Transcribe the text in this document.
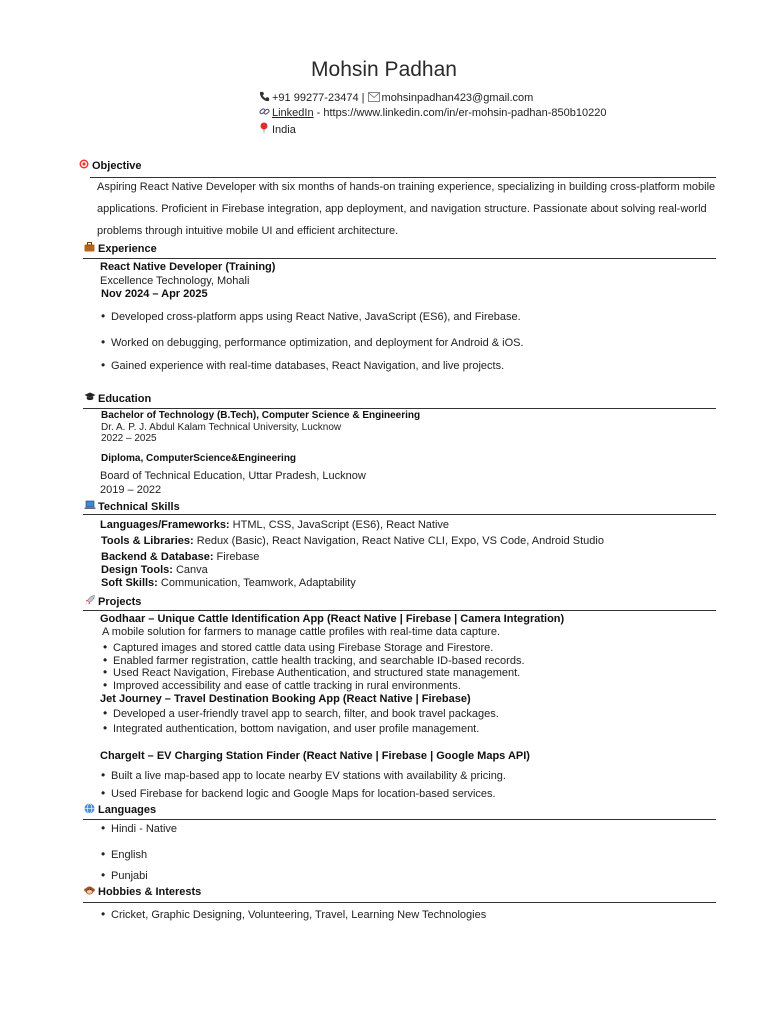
Mohsin Padhan
+91 99277-23474 | mohsinpadhan423@gmail.com
LinkedIn - https://www.linkedin.com/in/er-mohsin-padhan-850b10220
India
Objective
Aspiring React Native Developer with six months of hands-on training experience, specializing in building cross-platform mobile applications. Proficient in Firebase integration, app deployment, and navigation structure. Passionate about solving real-world problems through intuitive mobile UI and efficient architecture.
Experience
React Native Developer (Training)
Excellence Technology, Mohali
Nov 2024 – Apr 2025
• Developed cross-platform apps using React Native, JavaScript (ES6), and Firebase.
• Worked on debugging, performance optimization, and deployment for Android & iOS.
• Gained experience with real-time databases, React Navigation, and live projects.
Education
Bachelor of Technology (B.Tech), Computer Science & Engineering
Dr. A. P. J. Abdul Kalam Technical University, Lucknow
2022 – 2025
Diploma, ComputerScience&Engineering
Board of Technical Education, Uttar Pradesh, Lucknow
2019 – 2022
Technical Skills
Languages/Frameworks: HTML, CSS, JavaScript (ES6), React Native
Tools & Libraries: Redux (Basic), React Navigation, React Native CLI, Expo, VS Code, Android Studio
Backend & Database: Firebase
Design Tools: Canva
Soft Skills: Communication, Teamwork, Adaptability
Projects
Godhaar – Unique Cattle Identification App (React Native | Firebase | Camera Integration)
A mobile solution for farmers to manage cattle profiles with real-time data capture.
• Captured images and stored cattle data using Firebase Storage and Firestore.
• Enabled farmer registration, cattle health tracking, and searchable ID-based records.
• Used React Navigation, Firebase Authentication, and structured state management.
• Improved accessibility and ease of cattle tracking in rural environments.
Jet Journey – Travel Destination Booking App (React Native | Firebase)
• Developed a user-friendly travel app to search, filter, and book travel packages.
• Integrated authentication, bottom navigation, and user profile management.
ChargeIt – EV Charging Station Finder (React Native | Firebase | Google Maps API)
• Built a live map-based app to locate nearby EV stations with availability & pricing.
• Used Firebase for backend logic and Google Maps for location-based services.
Languages
• Hindi - Native
• English
• Punjabi
Hobbies & Interests
• Cricket, Graphic Designing, Volunteering, Travel, Learning New Technologies
